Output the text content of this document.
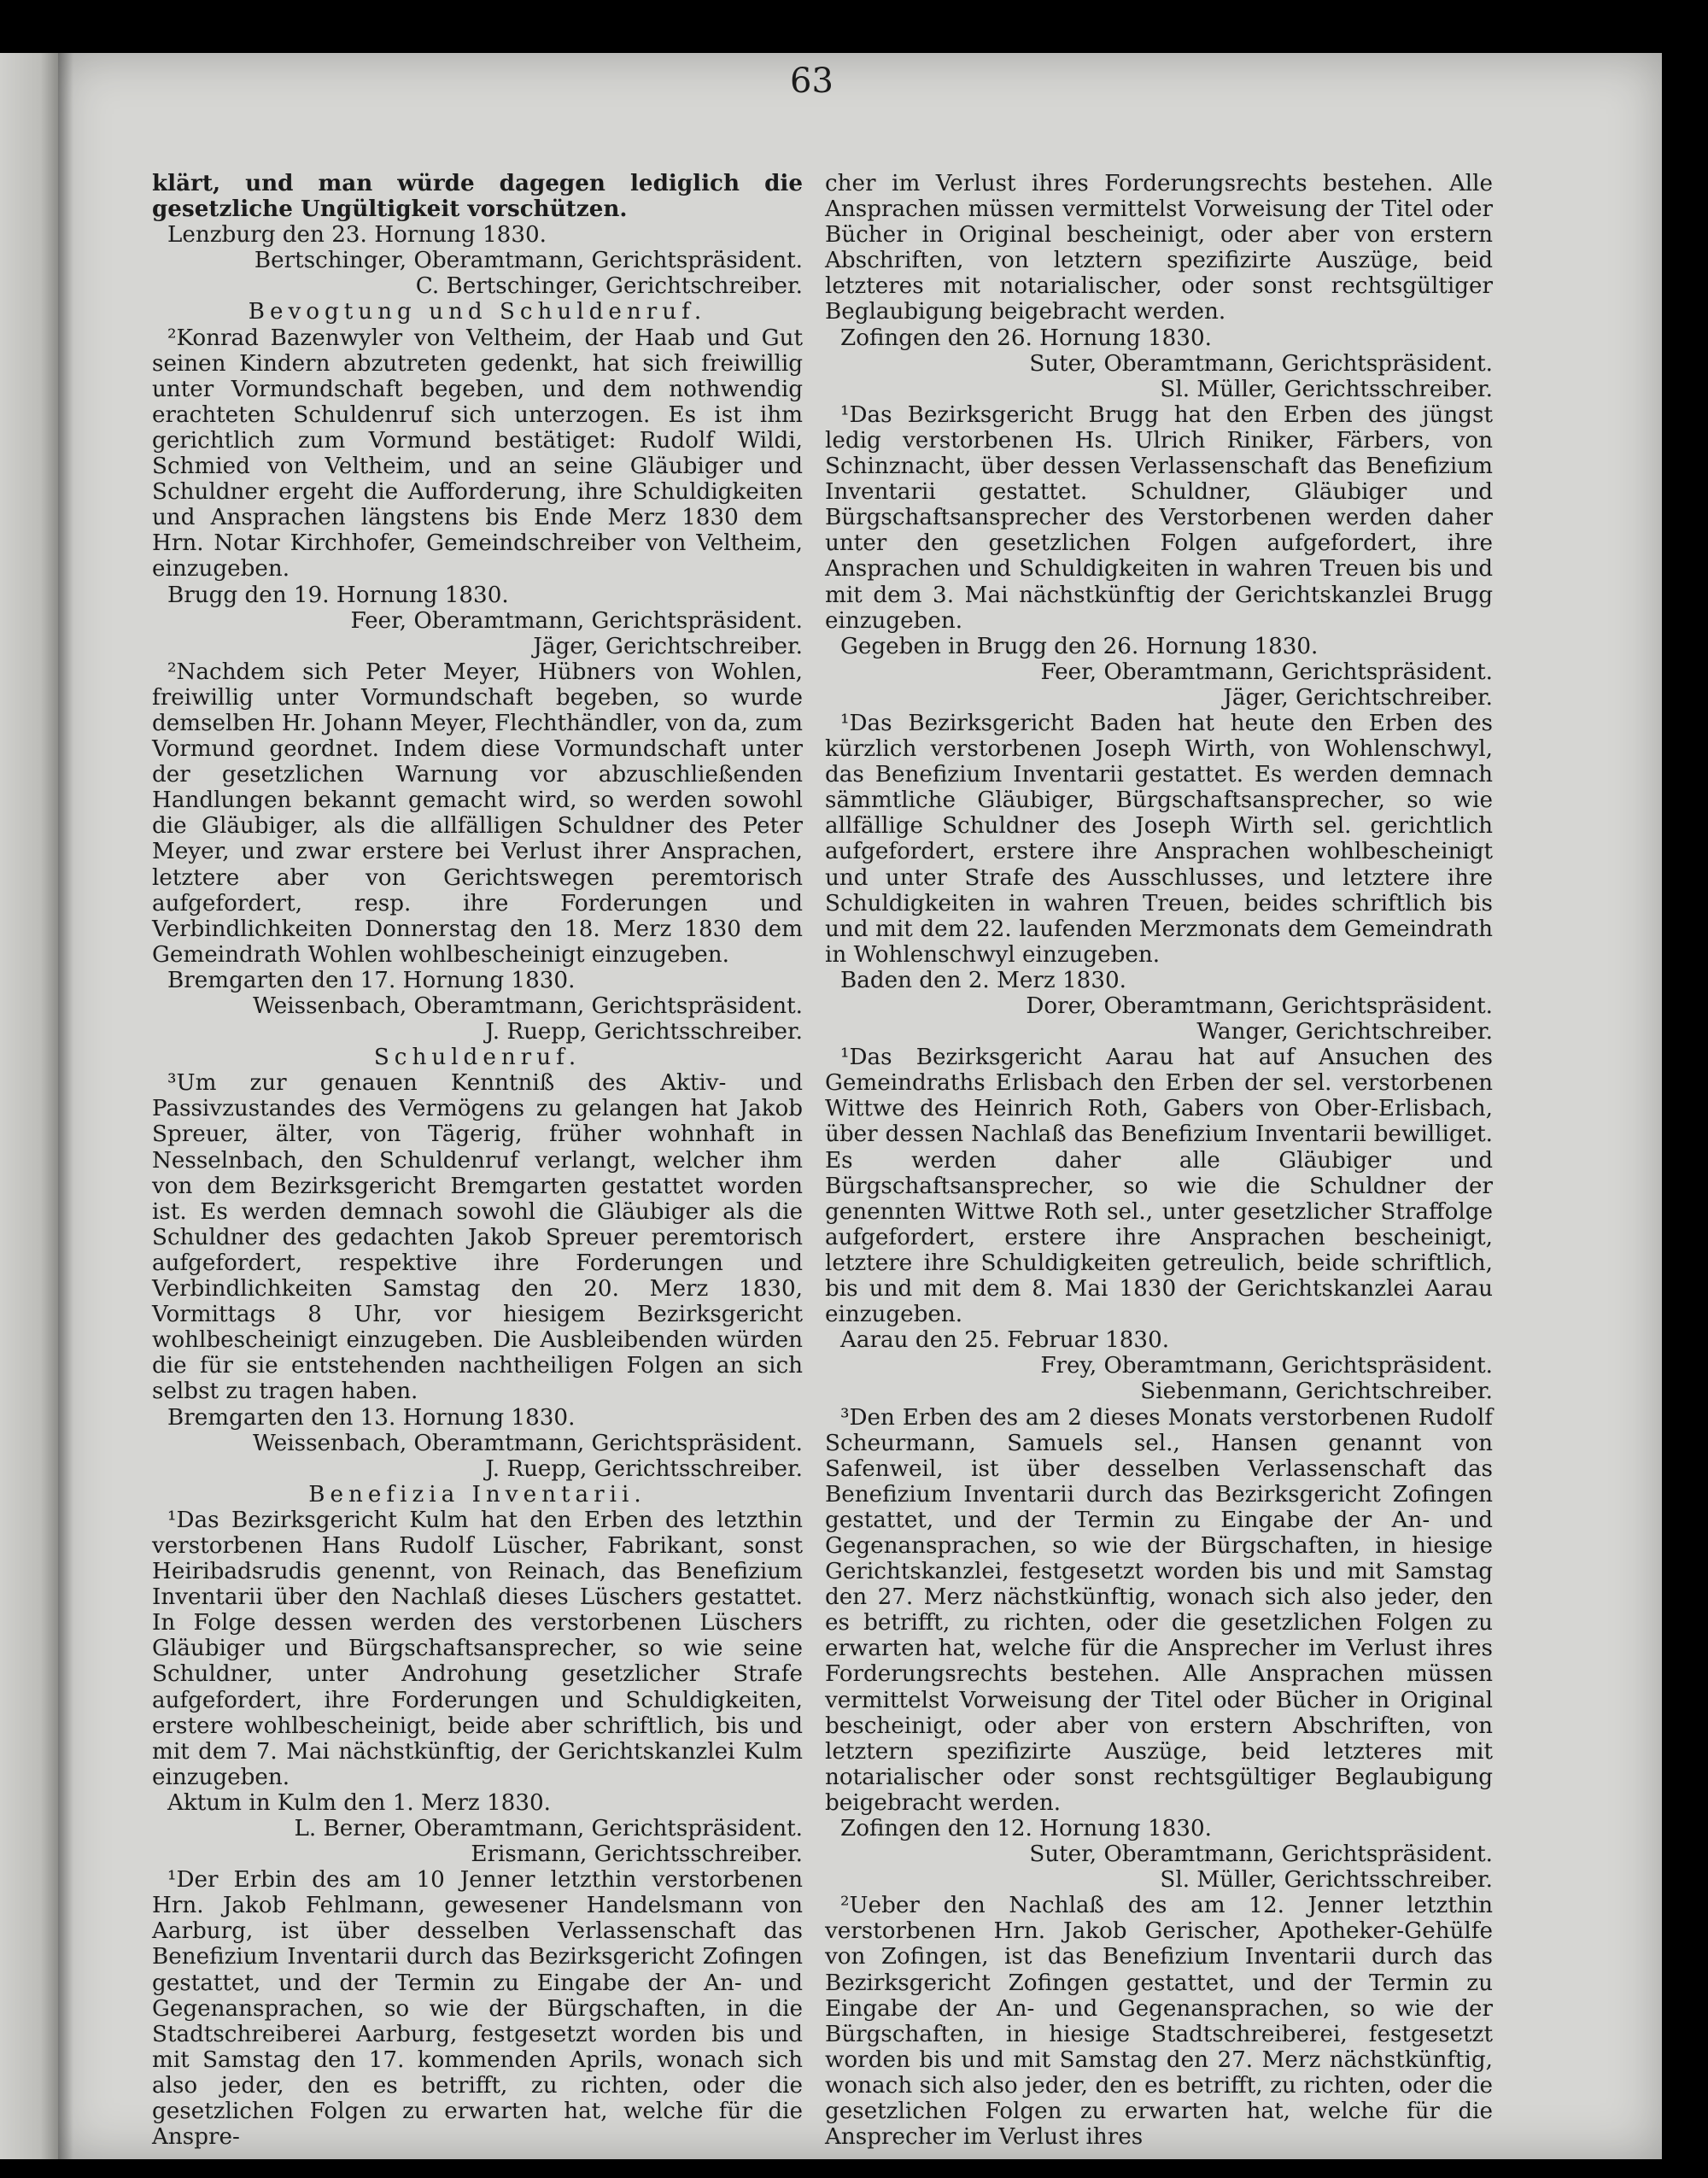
63

klärt, und man würde dagegen lediglich die gesetzliche Ungültigkeit vorschützen.

Lenzburg den 23. Hornung 1830.

Bertschinger, Oberamtmann, Gerichtspräsident.

C. Bertschinger, Gerichtschreiber.

Bevogtung und Schuldenruf.

²Konrad Bazenwyler von Veltheim, der Haab und Gut seinen Kindern abzutreten gedenkt, hat sich freiwillig unter Vormundschaft begeben, und dem nothwendig erachteten Schuldenruf sich unterzogen. Es ist ihm gerichtlich zum Vormund bestätiget: Rudolf Wildi, Schmied von Veltheim, und an seine Gläubiger und Schuldner ergeht die Aufforderung, ihre Schuldigkeiten und Ansprachen längstens bis Ende Merz 1830 dem Hrn. Notar Kirchhofer, Gemeindschreiber von Veltheim, einzugeben.

Brugg den 19. Hornung 1830.

Feer, Oberamtmann, Gerichtspräsident.

Jäger, Gerichtschreiber.

²Nachdem sich Peter Meyer, Hübners von Wohlen, freiwillig unter Vormundschaft begeben, so wurde demselben Hr. Johann Meyer, Flechthändler, von da, zum Vormund geordnet. Indem diese Vormundschaft unter der gesetzlichen Warnung vor abzuschließenden Handlungen bekannt gemacht wird, so werden sowohl die Gläubiger, als die allfälligen Schuldner des Peter Meyer, und zwar erstere bei Verlust ihrer Ansprachen, letztere aber von Gerichtswegen peremtorisch aufgefordert, resp. ihre Forderungen und Verbindlichkeiten Donnerstag den 18. Merz 1830 dem Gemeindrath Wohlen wohlbescheinigt einzugeben.

Bremgarten den 17. Hornung 1830.

Weissenbach, Oberamtmann, Gerichtspräsident.

J. Ruepp, Gerichtsschreiber.

Schuldenruf.

³Um zur genauen Kenntniß des Aktiv- und Passivzustandes des Vermögens zu gelangen hat Jakob Spreuer, älter, von Tägerig, früher wohnhaft in Nesselnbach, den Schuldenruf verlangt, welcher ihm von dem Bezirksgericht Bremgarten gestattet worden ist. Es werden demnach sowohl die Gläubiger als die Schuldner des gedachten Jakob Spreuer peremtorisch aufgefordert, respektive ihre Forderungen und Verbindlichkeiten Samstag den 20. Merz 1830, Vormittags 8 Uhr, vor hiesigem Bezirksgericht wohlbescheinigt einzugeben. Die Ausbleibenden würden die für sie entstehenden nachtheiligen Folgen an sich selbst zu tragen haben.

Bremgarten den 13. Hornung 1830.

Weissenbach, Oberamtmann, Gerichtspräsident.

J. Ruepp, Gerichtsschreiber.

Benefizia Inventarii.

¹Das Bezirksgericht Kulm hat den Erben des letzthin verstorbenen Hans Rudolf Lüscher, Fabrikant, sonst Heiribadsrudis genennt, von Reinach, das Benefizium Inventarii über den Nachlaß dieses Lüschers gestattet. In Folge dessen werden des verstorbenen Lüschers Gläubiger und Bürgschaftsansprecher, so wie seine Schuldner, unter Androhung gesetzlicher Strafe aufgefordert, ihre Forderungen und Schuldigkeiten, erstere wohlbescheinigt, beide aber schriftlich, bis und mit dem 7. Mai nächstkünftig, der Gerichtskanzlei Kulm einzugeben.

Aktum in Kulm den 1. Merz 1830.

L. Berner, Oberamtmann, Gerichtspräsident.

Erismann, Gerichtsschreiber.

¹Der Erbin des am 10 Jenner letzthin verstorbenen Hrn. Jakob Fehlmann, gewesener Handelsmann von Aarburg, ist über desselben Verlassenschaft das Benefizium Inventarii durch das Bezirksgericht Zofingen gestattet, und der Termin zu Eingabe der An- und Gegenansprachen, so wie der Bürgschaften, in die Stadtschreiberei Aarburg, festgesetzt worden bis und mit Samstag den 17. kommenden Aprils, wonach sich also jeder, den es betrifft, zu richten, oder die gesetzlichen Folgen zu erwarten hat, welche für die Anspre-

cher im Verlust ihres Forderungsrechts bestehen. Alle Ansprachen müssen vermittelst Vorweisung der Titel oder Bücher in Original bescheinigt, oder aber von erstern Abschriften, von letztern spezifizirte Auszüge, beid letzteres mit notarialischer, oder sonst rechtsgültiger Beglaubigung beigebracht werden.

Zofingen den 26. Hornung 1830.

Suter, Oberamtmann, Gerichtspräsident.

Sl. Müller, Gerichtsschreiber.

¹Das Bezirksgericht Brugg hat den Erben des jüngst ledig verstorbenen Hs. Ulrich Riniker, Färbers, von Schinznacht, über dessen Verlassenschaft das Benefizium Inventarii gestattet. Schuldner, Gläubiger und Bürgschaftsansprecher des Verstorbenen werden daher unter den gesetzlichen Folgen aufgefordert, ihre Ansprachen und Schuldigkeiten in wahren Treuen bis und mit dem 3. Mai nächstkünftig der Gerichtskanzlei Brugg einzugeben.

Gegeben in Brugg den 26. Hornung 1830.

Feer, Oberamtmann, Gerichtspräsident.

Jäger, Gerichtschreiber.

¹Das Bezirksgericht Baden hat heute den Erben des kürzlich verstorbenen Joseph Wirth, von Wohlenschwyl, das Benefizium Inventarii gestattet. Es werden demnach sämmtliche Gläubiger, Bürgschaftsansprecher, so wie allfällige Schuldner des Joseph Wirth sel. gerichtlich aufgefordert, erstere ihre Ansprachen wohlbescheinigt und unter Strafe des Ausschlusses, und letztere ihre Schuldigkeiten in wahren Treuen, beides schriftlich bis und mit dem 22. laufenden Merzmonats dem Gemeindrath in Wohlenschwyl einzugeben.

Baden den 2. Merz 1830.

Dorer, Oberamtmann, Gerichtspräsident.

Wanger, Gerichtschreiber.

¹Das Bezirksgericht Aarau hat auf Ansuchen des Gemeindraths Erlisbach den Erben der sel. verstorbenen Wittwe des Heinrich Roth, Gabers von Ober-Erlisbach, über dessen Nachlaß das Benefizium Inventarii bewilliget. Es werden daher alle Gläubiger und Bürgschaftsansprecher, so wie die Schuldner der genennten Wittwe Roth sel., unter gesetzlicher Straffolge aufgefordert, erstere ihre Ansprachen bescheinigt, letztere ihre Schuldigkeiten getreulich, beide schriftlich, bis und mit dem 8. Mai 1830 der Gerichtskanzlei Aarau einzugeben.

Aarau den 25. Februar 1830.

Frey, Oberamtmann, Gerichtspräsident.

Siebenmann, Gerichtschreiber.

³Den Erben des am 2 dieses Monats verstorbenen Rudolf Scheurmann, Samuels sel., Hansen genannt von Safenweil, ist über desselben Verlassenschaft das Benefizium Inventarii durch das Bezirksgericht Zofingen gestattet, und der Termin zu Eingabe der An- und Gegenansprachen, so wie der Bürgschaften, in hiesige Gerichtskanzlei, festgesetzt worden bis und mit Samstag den 27. Merz nächstkünftig, wonach sich also jeder, den es betrifft, zu richten, oder die gesetzlichen Folgen zu erwarten hat, welche für die Ansprecher im Verlust ihres Forderungsrechts bestehen. Alle Ansprachen müssen vermittelst Vorweisung der Titel oder Bücher in Original bescheinigt, oder aber von erstern Abschriften, von letztern spezifizirte Auszüge, beid letzteres mit notarialischer oder sonst rechtsgültiger Beglaubigung beigebracht werden.

Zofingen den 12. Hornung 1830.

Suter, Oberamtmann, Gerichtspräsident.

Sl. Müller, Gerichtsschreiber.

²Ueber den Nachlaß des am 12. Jenner letzthin verstorbenen Hrn. Jakob Gerischer, Apotheker-Gehülfe von Zofingen, ist das Benefizium Inventarii durch das Bezirksgericht Zofingen gestattet, und der Termin zu Eingabe der An- und Gegenansprachen, so wie der Bürgschaften, in hiesige Stadtschreiberei, festgesetzt worden bis und mit Samstag den 27. Merz nächstkünftig, wonach sich also jeder, den es betrifft, zu richten, oder die gesetzlichen Folgen zu erwarten hat, welche für die Ansprecher im Verlust ihres
